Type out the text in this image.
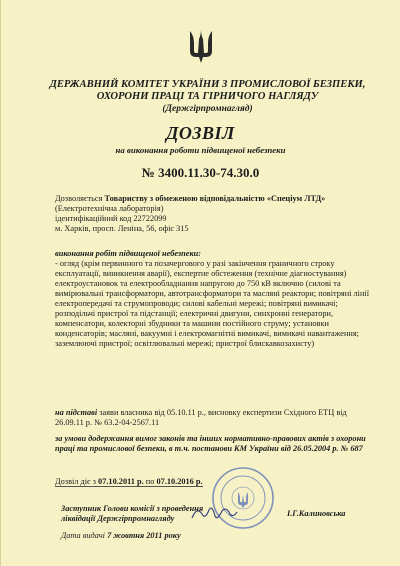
ДЕРЖАВНИЙ КОМІТЕТ УКРАЇНИ З ПРОМИСЛОВОЇ БЕЗПЕКИ,
ОХОРОНИ ПРАЦІ ТА ГІРНИЧОГО НАГЛЯДУ
(Держгірпромнагляд)
ДОЗВІЛ
на виконання роботи підвищеної небезпеки
№ 3400.11.30-74.30.0
Дозволяється Товариству з обмеженою відповідальністю «Спеціум ЛТД»
(Електротехнічна лабораторія)
ідентифікаційний код 22722099
м. Харків, просп. Леніна, 56, офіс 315
виконання робіт підвищеної небезпеки:
- огляд (крім первинного та позачергового у разі закінчення граничного строку експлуатації, виникнення аварії), експертне обстеження (технічне діагностування) електроустановок та електрообладнання напругою до 750 кВ включно (силові та вимірювальні трансформатори, автотрансформатори та масляні реактори; повітряні лінії електропередачі та струмопроводи; силові кабельні мережі; повітряні вимикачі; розподільчі пристрої та підстанції; електричні двигуни, синхронні генератори, компенсатори, колекторні збудники та машини постійного струму; установки конденсаторів; масляні, вакуумні і електромагнітні вимикачі, вимикачі навантаження; заземлюючі пристрої; освітлювальні мережі; пристрої блискавкозахисту)
на підставі заяви власника від 05.10.11 р., висновку експертизи Східного ЕТЦ від 26.09.11 р. № 63.2-04-2567.11
за умови додержання вимог законів та інших нормативно-правових актів з охорони праці та промислової безпеки, в т.ч. постанови КМ України від 26.05.2004 р. № 687
Дозвіл діє з 07.10.2011 р. по 07.10.2016 р.
Заступник Голови комісії з проведення
ліквідації Держгірпромнагляду
І.Г.Калиновська
Дата видачі 7 жовтня 2011 року
